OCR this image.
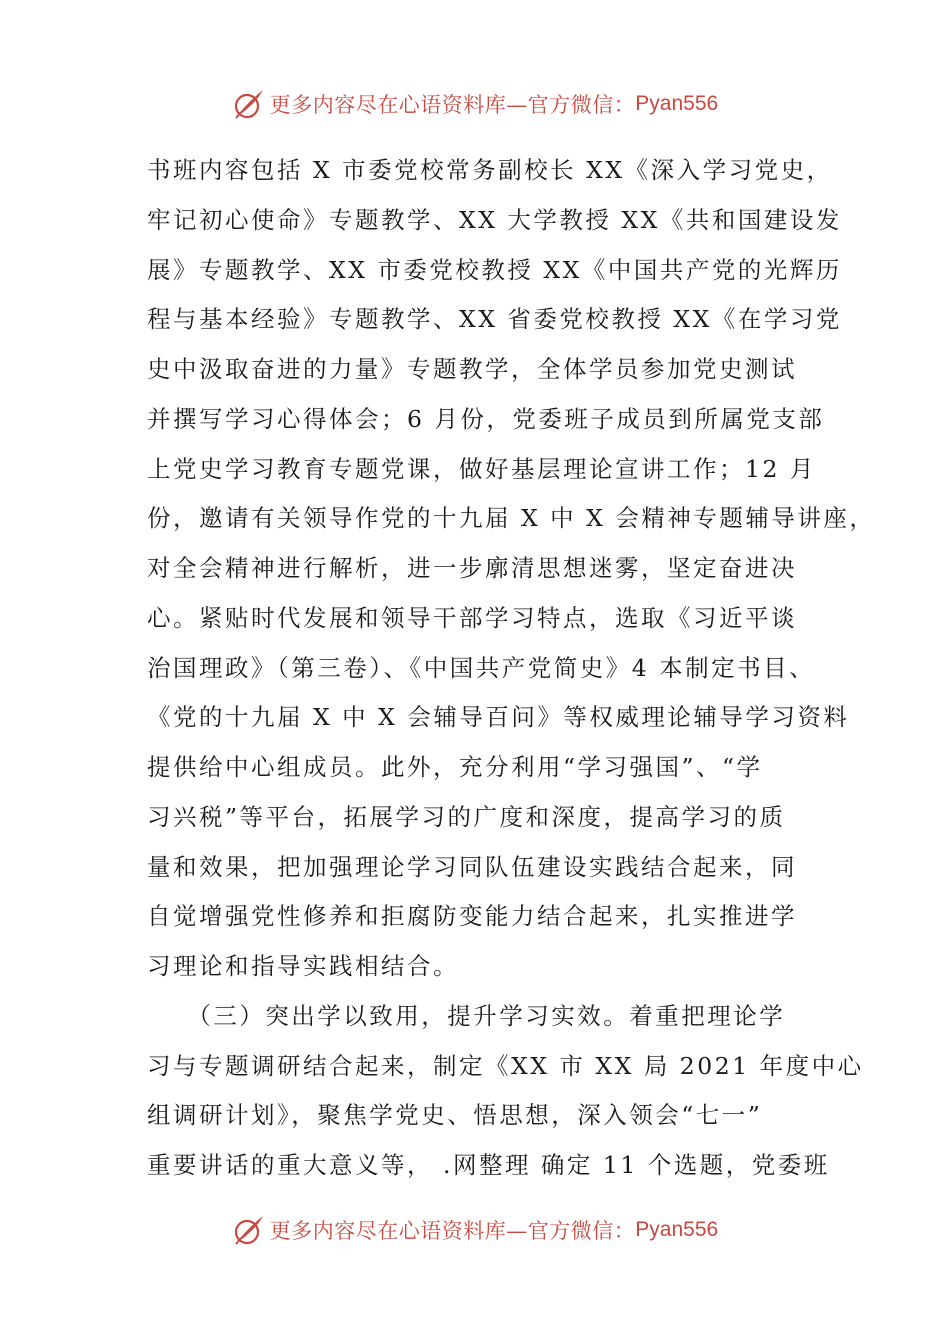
更多内容尽在心语资料库—官方微信： Pyan556
书班内容包括 X 市委党校常务副校长 XX《深入学习党史，
牢记初心使命》专题教学、XX 大学教授 XX《共和国建设发
展》专题教学、XX 市委党校教授 XX《中国共产党的光辉历
程与基本经验》专题教学、XX 省委党校教授 XX《在学习党
史中汲取奋进的力量》专题教学，全体学员参加党史测试
并撰写学习心得体会；6 月份，党委班子成员到所属党支部
上党史学习教育专题党课，做好基层理论宣讲工作；12 月
份，邀请有关领导作党的十九届 X 中 X 会精神专题辅导讲座，
对全会精神进行解析，进一步廓清思想迷雾，坚定奋进决
心。紧贴时代发展和领导干部学习特点，选取《习近平谈
治国理政》（第三卷）、《中国共产党简史》4 本制定书目、
《党的十九届 X 中 X 会辅导百问》等权威理论辅导学习资料
提供给中心组成员。此外，充分利用“学习强国”、“学
习兴税”等平台，拓展学习的广度和深度，提高学习的质
量和效果，把加强理论学习同队伍建设实践结合起来，同
自觉增强党性修养和拒腐防变能力结合起来，扎实推进学
习理论和指导实践相结合。
　　（三）突出学以致用，提升学习实效。着重把理论学
习与专题调研结合起来，制定《XX 市 XX 局 2021 年度中心
组调研计划》，聚焦学党史、悟思想，深入领会“七一”
重要讲话的重大意义等， .网整理 确定 11 个选题，党委班
更多内容尽在心语资料库—官方微信： Pyan556
